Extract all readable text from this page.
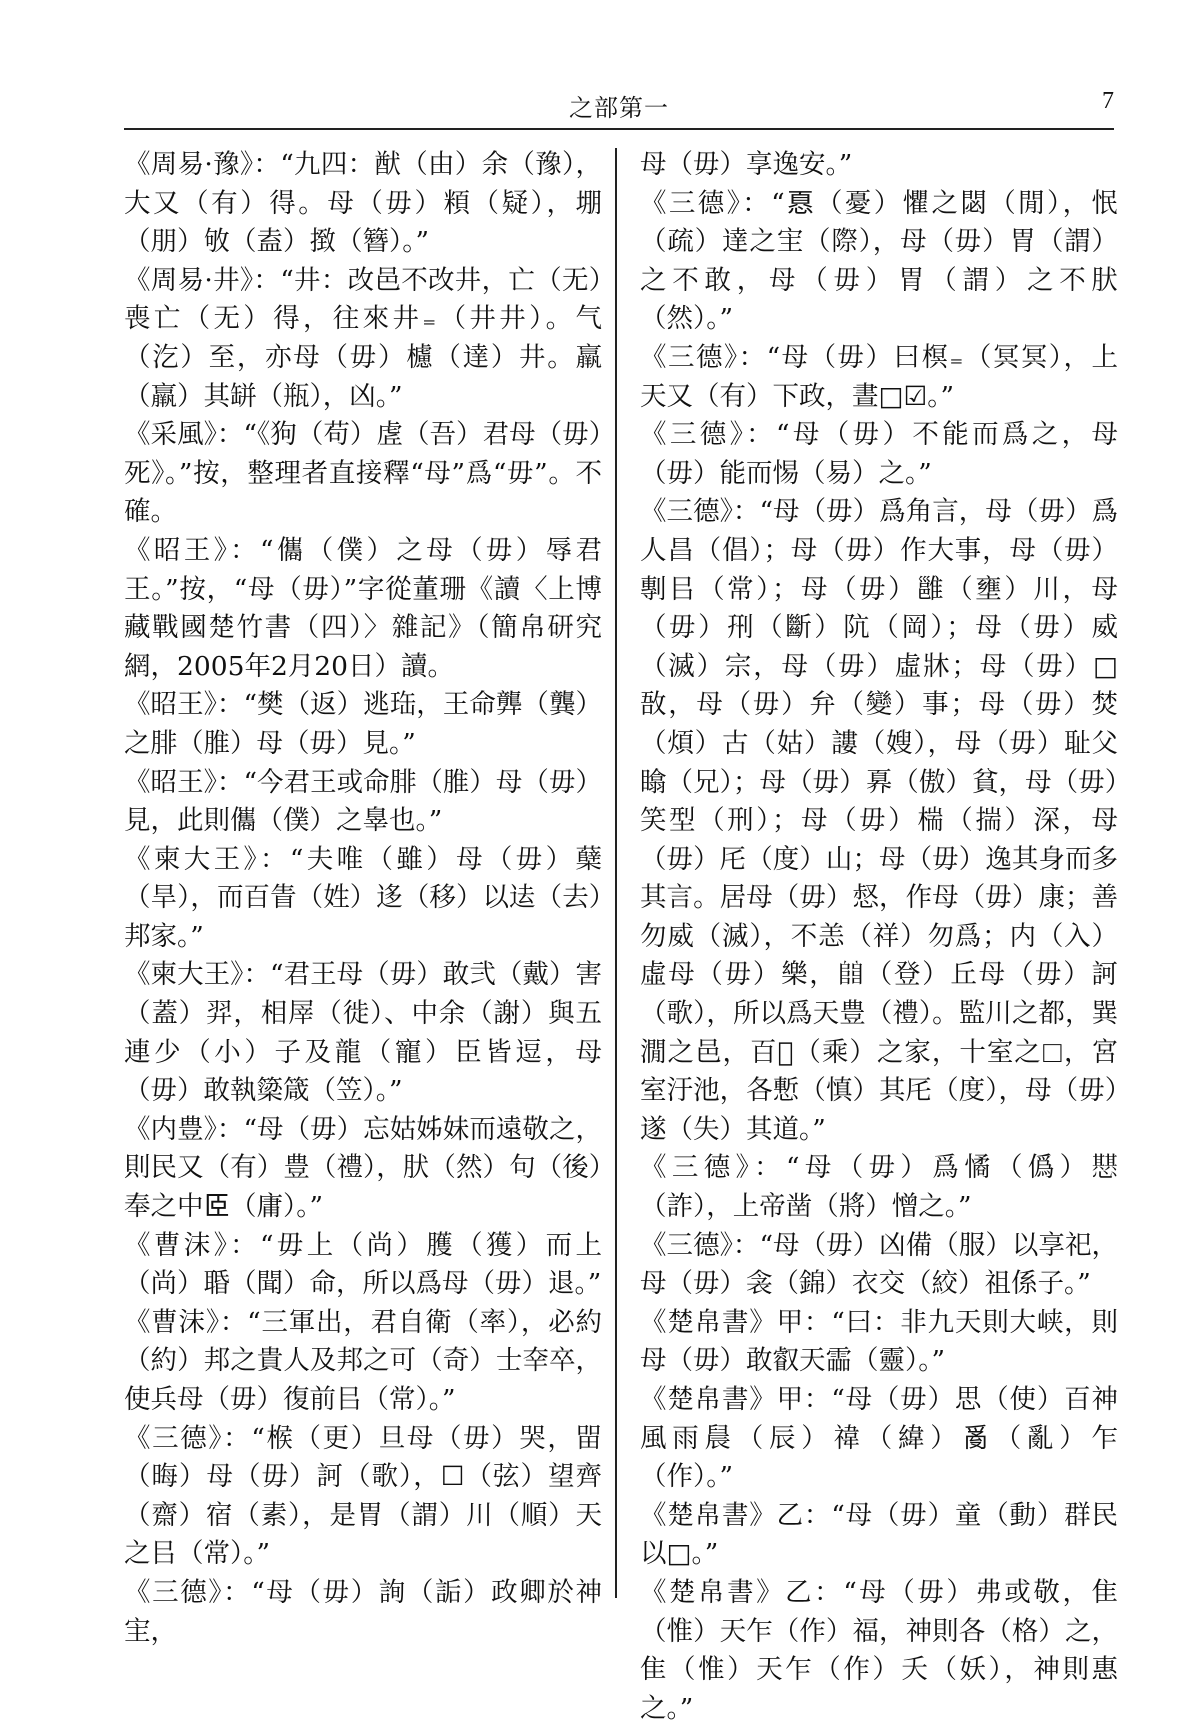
之部第一	7

《周易·豫》：“九四：猷（由）余（豫），大又（有）得。母（毋）頪（疑），堋（朋）敂（盍）㨖（簪）。”

《周易·井》：“井：改邑不改井，亡（无）喪亡（无）得，往來井₌（井井）。气（汔）至，亦母（毋）櫖（達）井。羸（羸）其缾（瓶），凶。”

《采風》：“《狗（苟）虗（吾）君母（毋）死》。”按，整理者直接釋“母”爲“毋”。不確。

《昭王》：“儶（僕）之母（毋）辱君王。”按，“母（毋）”字從董珊《讀〈上博藏戰國楚竹書（四）〉雜記》（簡帛研究網，2005年2月20日）讀。

《昭王》：“樊（返）逃珤，王命龏（龔）之腓（脽）母（毋）見。”

《昭王》：“今君王或命腓（脽）母（毋）見，此則儶（僕）之辠也。”

《柬大王》：“夫唯（雖）母（毋）蘖（旱），而百眚（姓）迻（移）以迲（去）邦家。”

《柬大王》：“君王母（毋）敢弐（戴）害（蓋）羿，相屖（徙）、中余（謝）與五連少（小）子及龍（寵）臣皆逗，母（毋）敢執簗箴（笠）。”

《内豊》：“母（毋）忘姑姊妹而遠敬之，則民又（有）豊（禮），肰（然）句（後）奉之中𦣞（庸）。”

《曹沫》：“毋上（尚）臒（獲）而上（尚）䎽（聞）命，所以爲母（毋）退。”

《曹沫》：“三軍出，君自衛（率），必約（約）邦之貴人及邦之可（奇）士㚔卒，使兵母（毋）復前㠯（常）。”

《三德》：“㮢（更）旦母（毋）哭，㽞（晦）母（毋）訶（歌），☐（弦）望齊（齋）宿（素），是胃（謂）川（順）天之㠯（常）。”

《三德》：“母（毋）詢（詬）政卿於神宔，

母（毋）享逸安。”

《三德》：“𢝊（憂）懼之閟（閒），怋（疏）達之宔（際），母（毋）胃（謂）之不敢，母（毋）胃（謂）之不肰（然）。”

《三德》：“母（毋）曰榠₌（冥冥），上天又（有）下政，晝□☑。”

《三德》：“母（毋）不能而爲之，母（毋）能而惕（易）之。”

《三德》：“母（毋）爲角言，母（毋）爲人昌（倡）；母（毋）作大事，母（毋）剸㠯（常）；母（毋）雝（壅）川，母（毋）𠛬（斷）阬（岡）；母（毋）威（滅）宗，母（毋）虛牀；母（毋）□敔，母（毋）弁（變）事；母（毋）焚（煩）古（姑）謱（嫂），母（毋）耻父䁯（兄）；母（毋）奡（傲）貧，母（毋）笑型（刑）；母（毋）椯（揣）深，母（毋）厇（度）山；母（毋）逸其身而多其言。居母（毋）惄，作母（毋）康；善勿威（滅），不恙（祥）勿爲；内（入）虛母（毋）樂，𨺅（登）丘母（毋）訶（歌），所以爲天豊（禮）。監川之都，巽㵎之邑，百𨌥（乘）之家，十室之☐，宮室汙池，各慙（慎）其厇（度），母（毋）遂（失）其道。”

《三德》：“母（毋）爲憰（僞）𢤵（詐），上帝凿（將）憎之。”

《三德》：“母（毋）凶備（服）以享祀，母（毋）衾（錦）衣交（絞）祖係子。”

《楚帛書》甲：“曰：非九天則大峡，則母（毋）敢叡天霝（靈）。”

《楚帛書》甲：“母（毋）思（使）百神風雨䢅（辰）禕（緯）𤔔（亂）乍（作）。”

《楚帛書》乙：“母（毋）童（動）群民以□。”

《楚帛書》乙：“母（毋）弗或敬，隹（惟）天乍（作）福，神則各（格）之，隹（惟）天乍（作）夭（妖），神則惠之。”
